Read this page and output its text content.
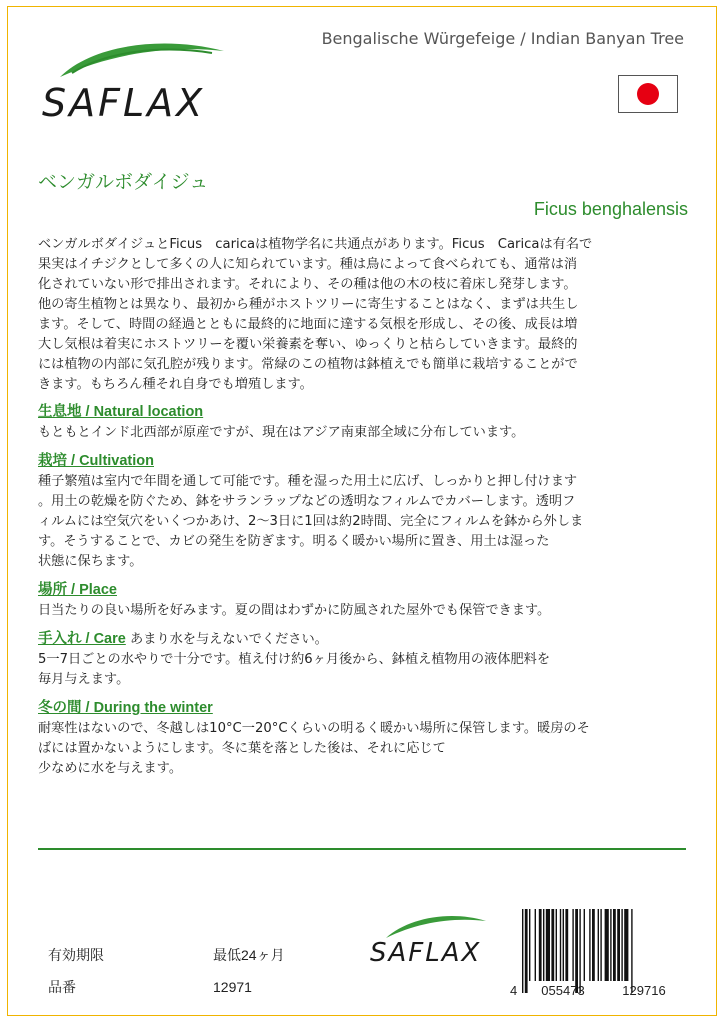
SAFLAX
Bengalische Würgefeige / Indian Banyan Tree
ベンガルボダイジュ
Ficus benghalensis
ベンガルボダイジュとFicus　caricaは植物学名に共通点があります。Ficus　Caricaは有名で
果実はイチジクとして多くの人に知られています。種は鳥によって食べられても、通常は消
化されていない形で排出されます。それにより、その種は他の木の枝に着床し発芽します。
他の寄生植物とは異なり、最初から種がホストツリーに寄生することはなく、まずは共生し
ます。そして、時間の経過とともに最終的に地面に達する気根を形成し、その後、成長は増
大し気根は着実にホストツリーを覆い栄養素を奪い、ゆっくりと枯らしていきます。最終的
には植物の内部に気孔腔が残ります。常緑のこの植物は鉢植えでも簡単に栽培することがで
きます。もちろん種それ自身でも増殖します。
生息地 / Natural location
もともとインド北西部が原産ですが、現在はアジア南東部全域に分布しています。
栽培 / Cultivation
種子繁殖は室内で年間を通して可能です。種を湿った用土に広げ、しっかりと押し付けます
。用土の乾燥を防ぐため、鉢をサランラップなどの透明なフィルムでカバーします。透明フ
ィルムには空気穴をいくつかあけ、2～3日に1回は約2時間、完全にフィルムを鉢から外しま
す。そうすることで、カビの発生を防ぎます。明るく暖かい場所に置き、用土は湿った
状態に保ちます。
場所 / Place
日当たりの良い場所を好みます。夏の間はわずかに防風された屋外でも保管できます。
手入れ / Care あまり水を与えないでください。
5一7日ごとの水やりで十分です。植え付け約6ヶ月後から、鉢植え植物用の液体肥料を
毎月与えます。
冬の間 / During the winter
耐寒性はないので、冬越しは10°C一20°Cくらいの明るく暖かい場所に保管します。暖房のそ
ばには置かないようにします。冬に葉を落とした後は、それに応じて
少なめに水を与えます。
有効期限	最低24ヶ月
品番	12971
SAFLAX
4	055473	129716
